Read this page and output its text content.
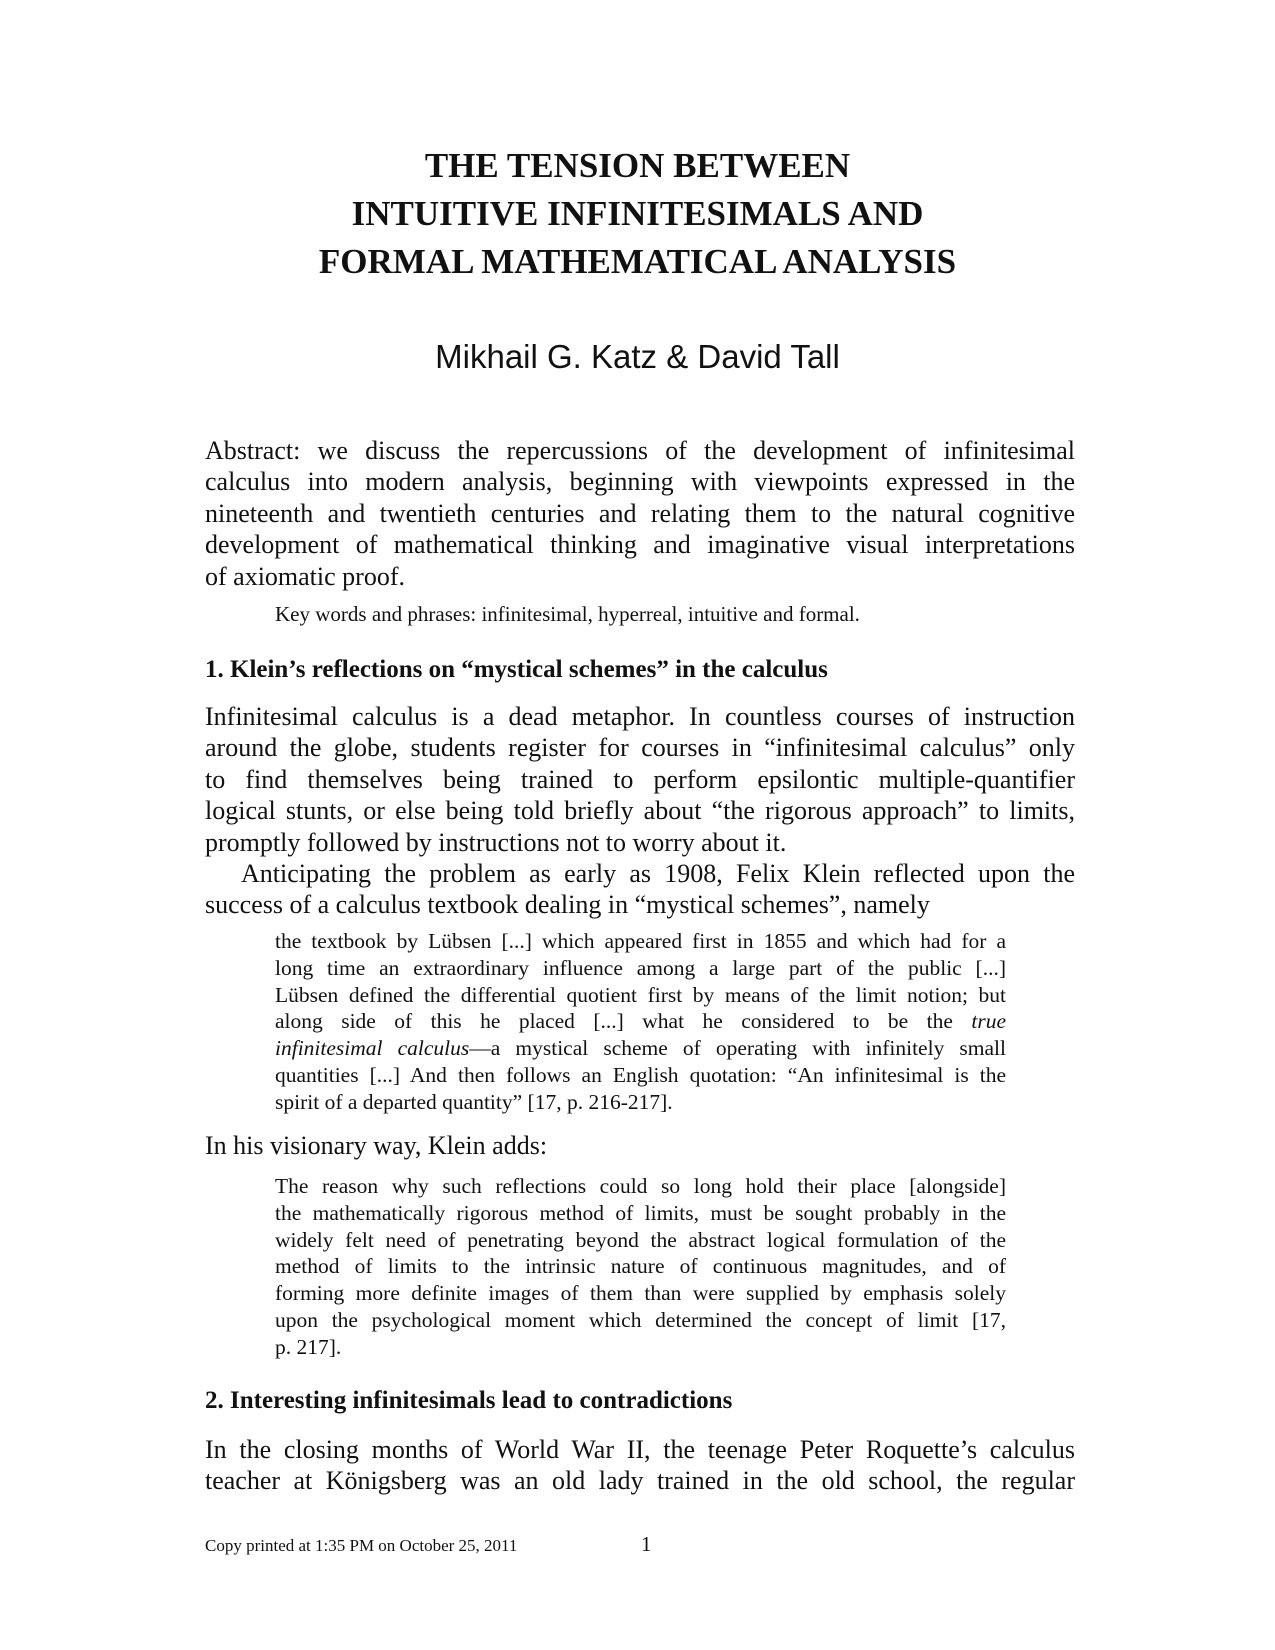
THE TENSION BETWEEN
INTUITIVE INFINITESIMALS AND
FORMAL MATHEMATICAL ANALYSIS
Mikhail G. Katz & David Tall
Abstract: we discuss the repercussions of the development of infinitesimal
calculus into modern analysis, beginning with viewpoints expressed in the
nineteenth and twentieth centuries and relating them to the natural cognitive
development of mathematical thinking and imaginative visual interpretations
of axiomatic proof.
Key words and phrases: infinitesimal, hyperreal, intuitive and formal.
1. Klein’s reflections on “mystical schemes” in the calculus
Infinitesimal calculus is a dead metaphor. In countless courses of instruction
around the globe, students register for courses in “infinitesimal calculus” only
to find themselves being trained to perform epsilontic multiple-quantifier
logical stunts, or else being told briefly about “the rigorous approach” to limits,
promptly followed by instructions not to worry about it.
Anticipating the problem as early as 1908, Felix Klein reflected upon the
success of a calculus textbook dealing in “mystical schemes”, namely
the textbook by Lübsen [...] which appeared first in 1855 and which had for a
long time an extraordinary influence among a large part of the public [...]
Lübsen defined the differential quotient first by means of the limit notion; but
along side of this he placed [...] what he considered to be the true
infinitesimal calculus—a mystical scheme of operating with infinitely small
quantities [...] And then follows an English quotation: “An infinitesimal is the
spirit of a departed quantity” [17, p. 216-217].
In his visionary way, Klein adds:
The reason why such reflections could so long hold their place [alongside]
the mathematically rigorous method of limits, must be sought probably in the
widely felt need of penetrating beyond the abstract logical formulation of the
method of limits to the intrinsic nature of continuous magnitudes, and of
forming more definite images of them than were supplied by emphasis solely
upon the psychological moment which determined the concept of limit [17,
p. 217].
2. Interesting infinitesimals lead to contradictions
In the closing months of World War II, the teenage Peter Roquette’s calculus
teacher at Königsberg was an old lady trained in the old school, the regular
Copy printed at 1:35 PM on October 25, 2011	1
